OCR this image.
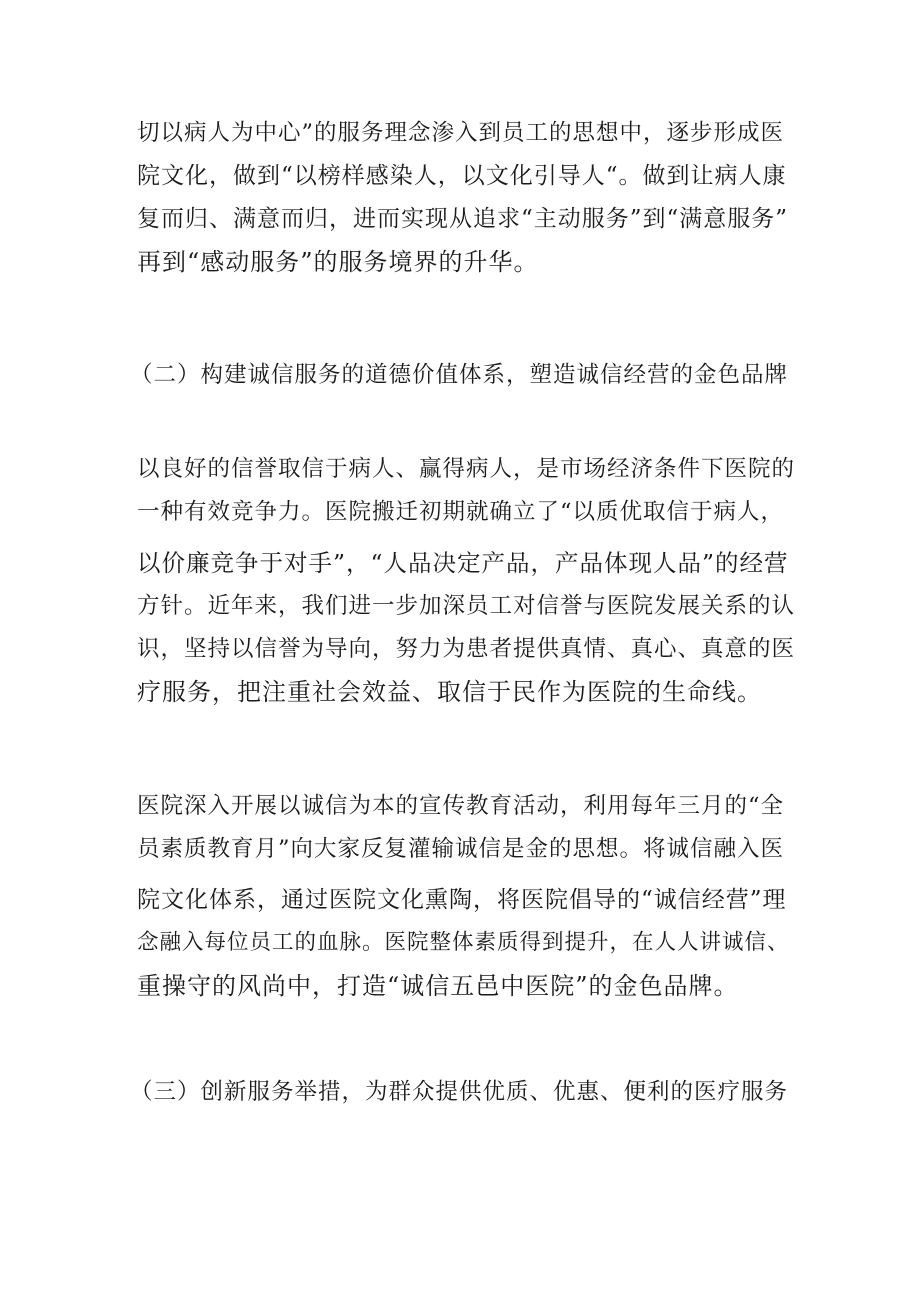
切以病人为中心”的服务理念渗入到员工的思想中，逐步形成医
院文化，做到“以榜样感染人，以文化引导人“。做到让病人康
复而归、满意而归，进而实现从追求“主动服务”到“满意服务”
再到“感动服务”的服务境界的升华。
（二）构建诚信服务的道德价值体系，塑造诚信经营的金色品牌
以良好的信誉取信于病人、赢得病人，是市场经济条件下医院的
一种有效竞争力。医院搬迁初期就确立了“以质优取信于病人，
以价廉竞争于对手”，“人品决定产品，产品体现人品”的经营
方针。近年来，我们进一步加深员工对信誉与医院发展关系的认
识，坚持以信誉为导向，努力为患者提供真情、真心、真意的医
疗服务，把注重社会效益、取信于民作为医院的生命线。
医院深入开展以诚信为本的宣传教育活动，利用每年三月的“全
员素质教育月”向大家反复灌输诚信是金的思想。将诚信融入医
院文化体系，通过医院文化熏陶，将医院倡导的“诚信经营”理
念融入每位员工的血脉。医院整体素质得到提升，在人人讲诚信、
重操守的风尚中，打造“诚信五邑中医院”的金色品牌。
（三）创新服务举措，为群众提供优质、优惠、便利的医疗服务
